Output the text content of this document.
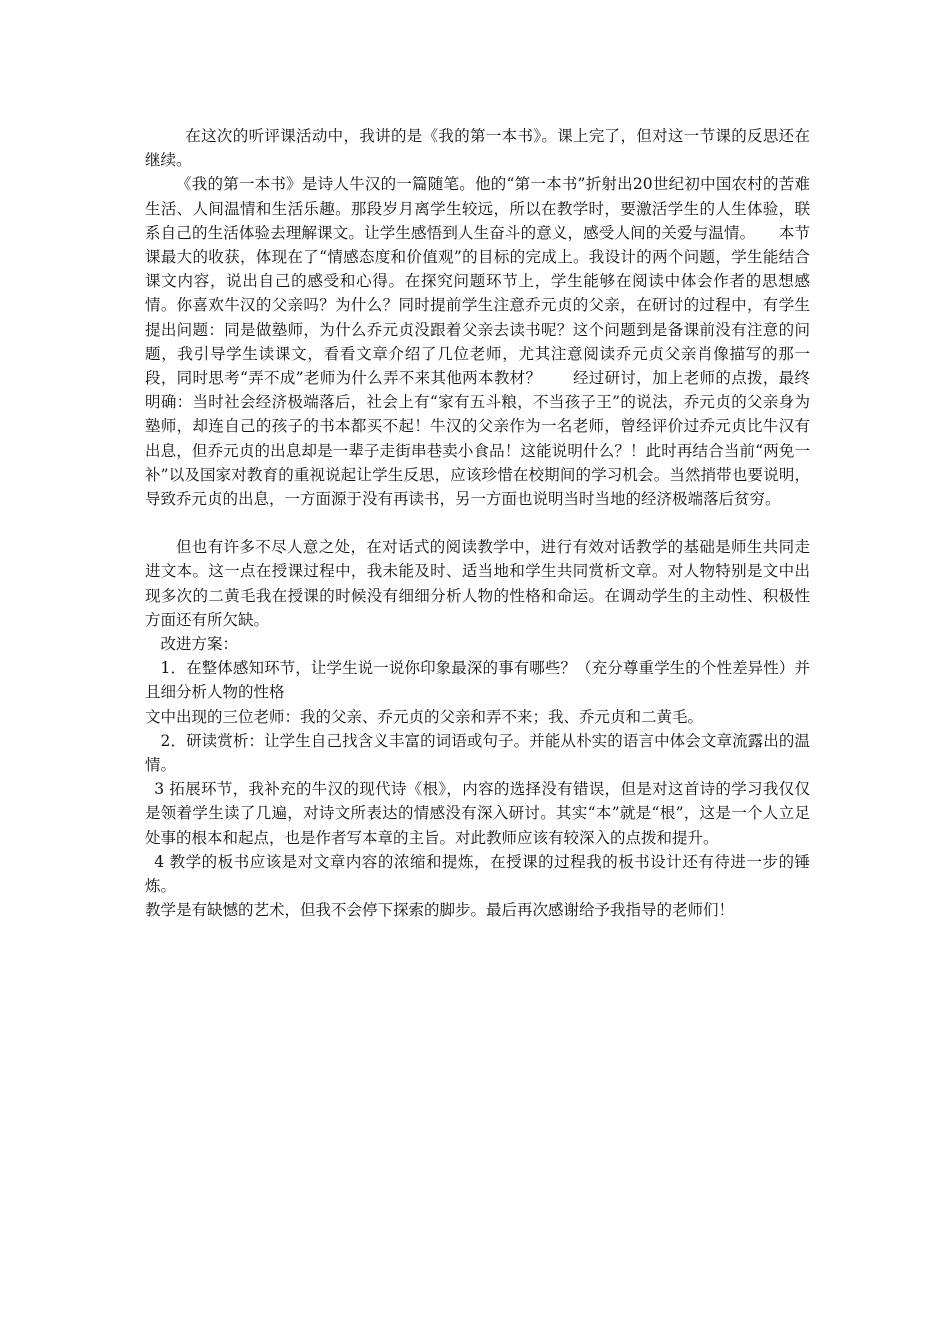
在这次的听评课活动中，我讲的是《我的第一本书》。课上完了，但对这一节课的反思还在继续。

《我的第一本书》是诗人牛汉的一篇随笔。他的“第一本书”折射出20世纪初中国农村的苦难生活、人间温情和生活乐趣。那段岁月离学生较远，所以在教学时，要激活学生的人生体验，联系自己的生活体验去理解课文。让学生感悟到人生奋斗的意义，感受人间的关爱与温情。　　本节课最大的收获，体现在了“情感态度和价值观”的目标的完成上。我设计的两个问题，学生能结合课文内容，说出自己的感受和心得。在探究问题环节上，学生能够在阅读中体会作者的思想感情。你喜欢牛汉的父亲吗？为什么？同时提前学生注意乔元贞的父亲，在研讨的过程中，有学生提出问题：同是做塾师，为什么乔元贞没跟着父亲去读书呢？这个问题到是备课前没有注意的问题，我引导学生读课文，看看文章介绍了几位老师，尤其注意阅读乔元贞父亲肖像描写的那一段，同时思考“弄不成”老师为什么弄不来其他两本教材？　　经过研讨，加上老师的点拨，最终明确：当时社会经济极端落后，社会上有“家有五斗粮，不当孩子王”的说法，乔元贞的父亲身为塾师，却连自己的孩子的书本都买不起！牛汉的父亲作为一名老师，曾经评价过乔元贞比牛汉有出息，但乔元贞的出息却是一辈子走街串巷卖小食品！这能说明什么？！此时再结合当前“两免一补”以及国家对教育的重视说起让学生反思，应该珍惜在校期间的学习机会。当然捎带也要说明，导致乔元贞的出息，一方面源于没有再读书，另一方面也说明当时当地的经济极端落后贫穷。

但也有许多不尽人意之处，在对话式的阅读教学中，进行有效对话教学的基础是师生共同走进文本。这一点在授课过程中，我未能及时、适当地和学生共同赏析文章。对人物特别是文中出现多次的二黄毛我在授课的时候没有细细分析人物的性格和命运。在调动学生的主动性、积极性方面还有所欠缺。

改进方案：

1．在整体感知环节，让学生说一说你印象最深的事有哪些？（充分尊重学生的个性差异性）并且细分析人物的性格

文中出现的三位老师：我的父亲、乔元贞的父亲和弄不来；我、乔元贞和二黄毛。

2．研读赏析：让学生自己找含义丰富的词语或句子。并能从朴实的语言中体会文章流露出的温情。

3 拓展环节，我补充的牛汉的现代诗《根》，内容的选择没有错误，但是对这首诗的学习我仅仅是领着学生读了几遍，对诗文所表达的情感没有深入研讨。其实“本”就是“根”，这是一个人立足处事的根本和起点，也是作者写本章的主旨。对此教师应该有较深入的点拨和提升。

4 教学的板书应该是对文章内容的浓缩和提炼，在授课的过程我的板书设计还有待进一步的锤炼。

教学是有缺憾的艺术，但我不会停下探索的脚步。最后再次感谢给予我指导的老师们！
